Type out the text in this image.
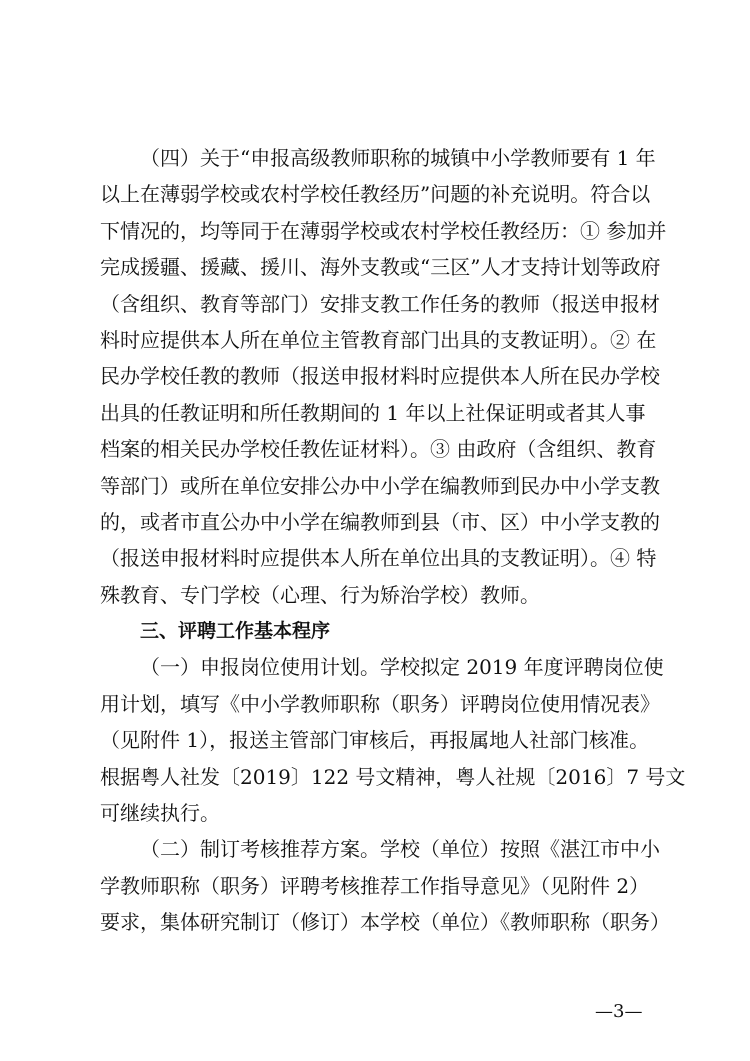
（四）关于“申报高级教师职称的城镇中小学教师要有 1 年
以上在薄弱学校或农村学校任教经历”问题的补充说明。符合以
下情况的，均等同于在薄弱学校或农村学校任教经历：① 参加并
完成援疆、援藏、援川、海外支教或“三区”人才支持计划等政府
（含组织、教育等部门）安排支教工作任务的教师（报送申报材
料时应提供本人所在单位主管教育部门出具的支教证明）。② 在
民办学校任教的教师（报送申报材料时应提供本人所在民办学校
出具的任教证明和所任教期间的 1 年以上社保证明或者其人事
档案的相关民办学校任教佐证材料）。③ 由政府（含组织、教育
等部门）或所在单位安排公办中小学在编教师到民办中小学支教
的，或者市直公办中小学在编教师到县（市、区）中小学支教的
（报送申报材料时应提供本人所在单位出具的支教证明）。④ 特
殊教育、专门学校（心理、行为矫治学校）教师。
三、评聘工作基本程序
（一）申报岗位使用计划。学校拟定 2019 年度评聘岗位使
用计划，填写《中小学教师职称（职务）评聘岗位使用情况表》
（见附件 1），报送主管部门审核后，再报属地人社部门核准。
根据粤人社发〔2019〕122 号文精神，粤人社规〔2016〕7 号文
可继续执行。
（二）制订考核推荐方案。学校（单位）按照《湛江市中小
学教师职称（职务）评聘考核推荐工作指导意见》（见附件 2）
要求，集体研究制订（修订）本学校（单位）《教师职称（职务）
—3—
